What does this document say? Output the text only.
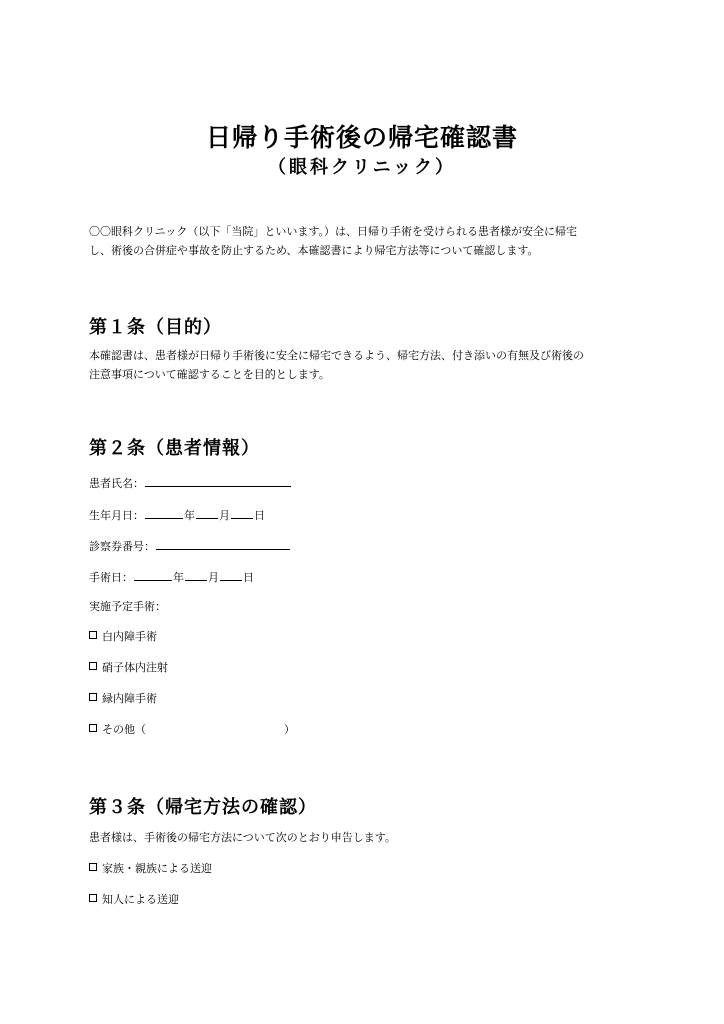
日帰り手術後の帰宅確認書
（眼科クリニック）
〇〇眼科クリニック（以下「当院」といいます。）は、日帰り手術を受けられる患者様が安全に帰宅
し、術後の合併症や事故を防止するため、本確認書により帰宅方法等について確認します。
第１条（目的）
本確認書は、患者様が日帰り手術後に安全に帰宅できるよう、帰宅方法、付き添いの有無及び術後の
注意事項について確認することを目的とします。
第２条（患者情報）
患者氏名：
生年月日：	年 月 日
診察券番号：
手術日：	年 月 日
実施予定手術：
白内障手術
硝子体内注射
緑内障手術
その他（	）
第３条（帰宅方法の確認）
患者様は、手術後の帰宅方法について次のとおり申告します。
家族・親族による送迎
知人による送迎
